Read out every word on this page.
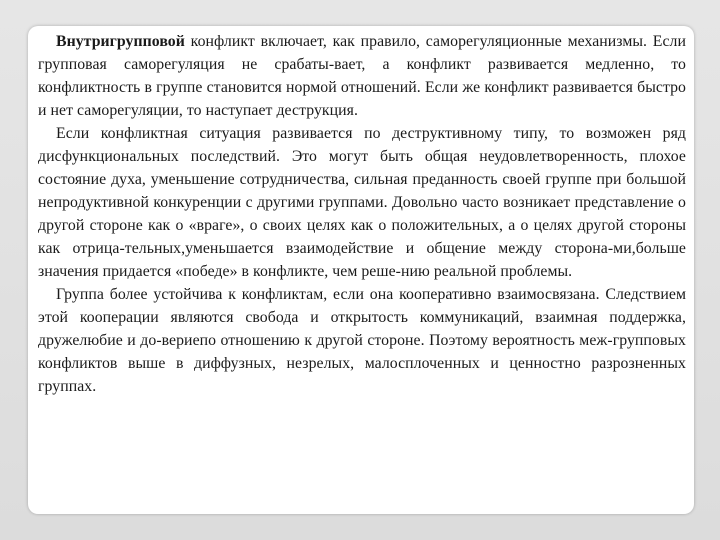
Внутригрупповой конфликт включает, как правило, саморегуляционные механизмы. Если групповая саморегуляция не срабаты-вает, а конфликт развивается медленно, то конфликтность в группе становится нормой отношений. Если же конфликт развивается быстро и нет саморегуляции, то наступает деструкция.

Если конфликтная ситуация развивается по деструктивному типу, то возможен ряд дисфункциональных последствий. Это могут быть общая неудовлетворенность, плохое состояние духа, уменьшение сотрудничества, сильная преданность своей группе при большой непродуктивной конкуренции с другими группами. Довольно часто возникает представление о другой стороне как о «враге», о своих целях как о положительных, а о целях другой стороны как отрица-тельных,уменьшается взаимодействие и общение между сторона-ми,больше значения придается «победе» в конфликте, чем реше-нию реальной проблемы.

Группа более устойчива к конфликтам, если она кооперативно взаимосвязана. Следствием этой кооперации являются свобода и открытость коммуникаций, взаимная поддержка, дружелюбие и до-вериепо отношению к другой стороне. Поэтому вероятность меж-групповых конфликтов выше в диффузных, незрелых, малосплоченных и ценностно разрозненных группах.
